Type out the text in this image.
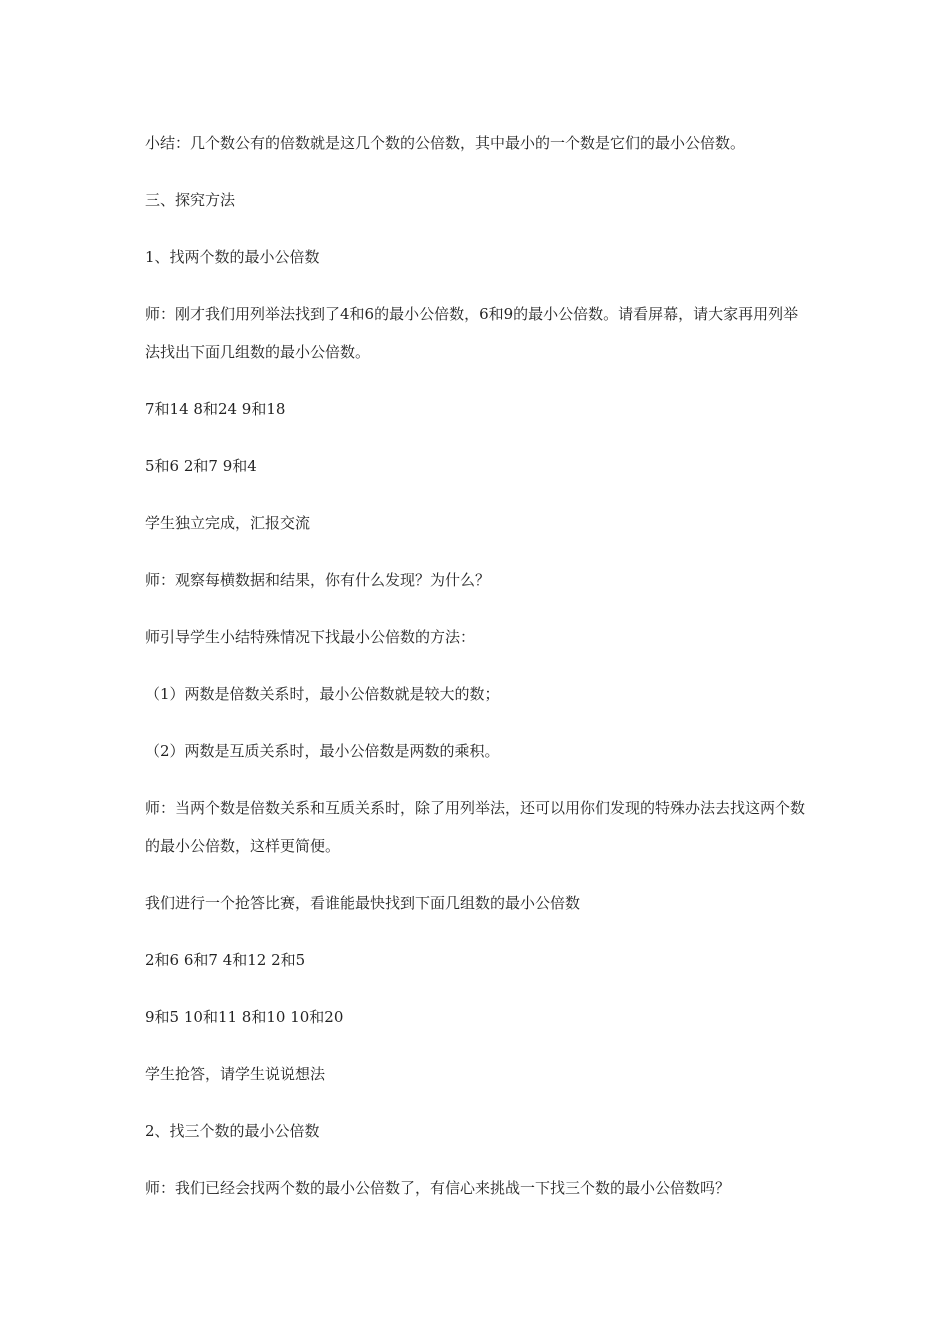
小结：几个数公有的倍数就是这几个数的公倍数，其中最小的一个数是它们的最小公倍数。

三、探究方法

1、找两个数的最小公倍数

师：刚才我们用列举法找到了4和6的最小公倍数，6和9的最小公倍数。请看屏幕，请大家再用列举法找出下面几组数的最小公倍数。

7和14 8和24 9和18

5和6 2和7 9和4

学生独立完成，汇报交流

师：观察每横数据和结果，你有什么发现？为什么？

师引导学生小结特殊情况下找最小公倍数的方法：

（1）两数是倍数关系时，最小公倍数就是较大的数；

（2）两数是互质关系时，最小公倍数是两数的乘积。

师：当两个数是倍数关系和互质关系时，除了用列举法，还可以用你们发现的特殊办法去找这两个数的最小公倍数，这样更简便。

我们进行一个抢答比赛，看谁能最快找到下面几组数的最小公倍数

2和6 6和7 4和12 2和5

9和5 10和11 8和10 10和20

学生抢答，请学生说说想法

2、找三个数的最小公倍数

师：我们已经会找两个数的最小公倍数了，有信心来挑战一下找三个数的最小公倍数吗？
